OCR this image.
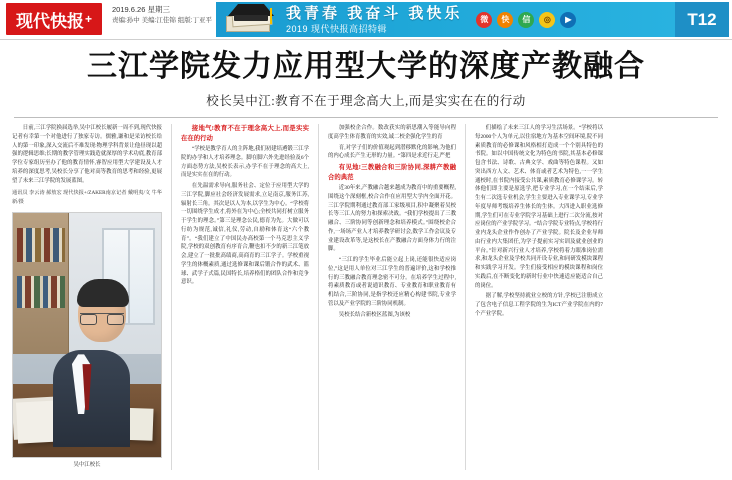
现代快报 +
2019.6.26 星期三
责编:孙中 美编:江佳锦 组版:丁亚平	我青春 我奋斗 我快乐
2019 现代快报高招特辑
微	快	信	◎	▶	T12
三江学院发力应用型大学的深度产教融合
校长吴中江:教育不在于理念高大上,而是实实在在的行动

日前,三江学院换届选举,吴中江校长履新一周不到,现代快报记者有幸第一个对他进行了独家专访。儒雅,谦和是采访校长给人的第一印象,深入交流后不难发现:物理学科背景让他昼现以超强的逻辑思维;长期的教学管理实践造就深厚的学术功底,教育部学位专家组历至办了他的教育情怀,睿智应用型大学建设及人才培养的深度思考,吴校长分享了他对高等教育的思考和经验,更展望了未来三江学院的发展蓝图。

通讯员 李云涛 郝敖宏 现代快报+/ZAKER南京记者 戴明夷/文 牛华新/摄
吴中江校长

接地气!教育不在于理念高大上,而是实实在在的行动

“学校是教学育人的主阵地,我们初建培遴锻三江学院的办学和人才培养理念。脚在脚六外先进经验及6个方面态势方法,吴校长表示,办学不在于理念的高大上,而是实实在在的行动。

在先温需求导向,服务社会、定位于应用型大学的三江学院,脚应社会经济发展需求,立足南京,服务江苏,辐射长三角。其次是以人为本,以学生为中心。“学校将一切围绕学生成才,将外在为中心;全校共同打树立服务于学生的理念。”第三是理念公民,德育为先。大做可以行纺为规范,诚信,礼仪,劳动,自励和体育这“六个教育”。“我们建立了中国民办高校第一个马克思主义学院,学校的双创教育有序育合,鞭也扣不少的新三江笔放会,建立了一批批高绩商,高商育的三江学子。学校重视学生的体概素质,通过选修课和课后锻合作的武术、篮球、武学子式篇,民国特长,培养格们的团队合作和竞争意识。

加强校企合作。数改获实的新思潮入等能导向程度高学生体育教育的实效,诚二校企强化学生的育

育,对学子们的价值观起到潜移默化的影响,为他们的内心成长产生无形的力量。“第四是求近行走,严把

有见地!三教融合和三阶协同,深耕产教融合的典范

近30年来,产教融合越来越成为教育中的重要概程,围绕这个深刻框,校合合作在应用型大学内全面开花。三江学院期利通过教育部工家级项目,积中凝聚着吴校长等三江人的努力和探索决战。“我们学校提出了三教融合、三阶协同等创新理念和培养模式。”围绕校企合作,一场场产业人才培养教学研讨会,数学工作会议及专业建设改革等,是这校长在产教融合方面身体力行的注脚。

“三江的学生毕业后能立起上岗,还能很快适应岗位,”这是用人单位对三江学生的普遍评价,这和学校推行的三教融合教育理念密不可分。在培养学生过程中,将素质教育或者说通识教育、专业教育和职业教育有机结合,三阶协同,是指学校还应精心构建书院,专业学管以及产业学院的三阶协同机制。

吴校长结合新校区蓝图,为该校

们描绘了未来三江人的学习生活场景。“学校将以每2000个人为单元,以住宿地方为基本空间环境,院不同素质教育的必修课和风格相打造成一个个别具特色的书院。如以中国传统文化为特色的书院,其基本必修课包含书法、诗歌、古典文学、戏曲等特色课程。又如突出西方人文、艺术、体育或者艺术为特色,一一学生通校时,在书院内接受公共课,素质教育必修课学习。转体他们即主要是原选学,把专业学习,在一个结束后,学生有二次选专业机会,学生主要进入专业课学习,专业学年度导师考级培养生体长的生体。大四进入职业选修期,学生们可在专业学院学习基础上进行二次分流,按对应岗位的产业学院学习。“结合学院专业特点,学校将行业内龙头企业作作创办了产业学院。院长及企业导师由行业内大集团任,为学子提前实习实训及就业创业的平台。”针对新兴行业人才培养,学校将着力眼准岗位需求,和龙头企业及学校共同开设专业,和同研发模块课程和实践学习开发。学生们接受相应的模块课程和岗位实践后,在不断变化的新时行业中快速适应能适合自己的岗位。

据了解,学校坚持就业立校的方针,学校已注册成立了包含电子信息工程学院的生为ICT产业学院在内的7个产业学院。
